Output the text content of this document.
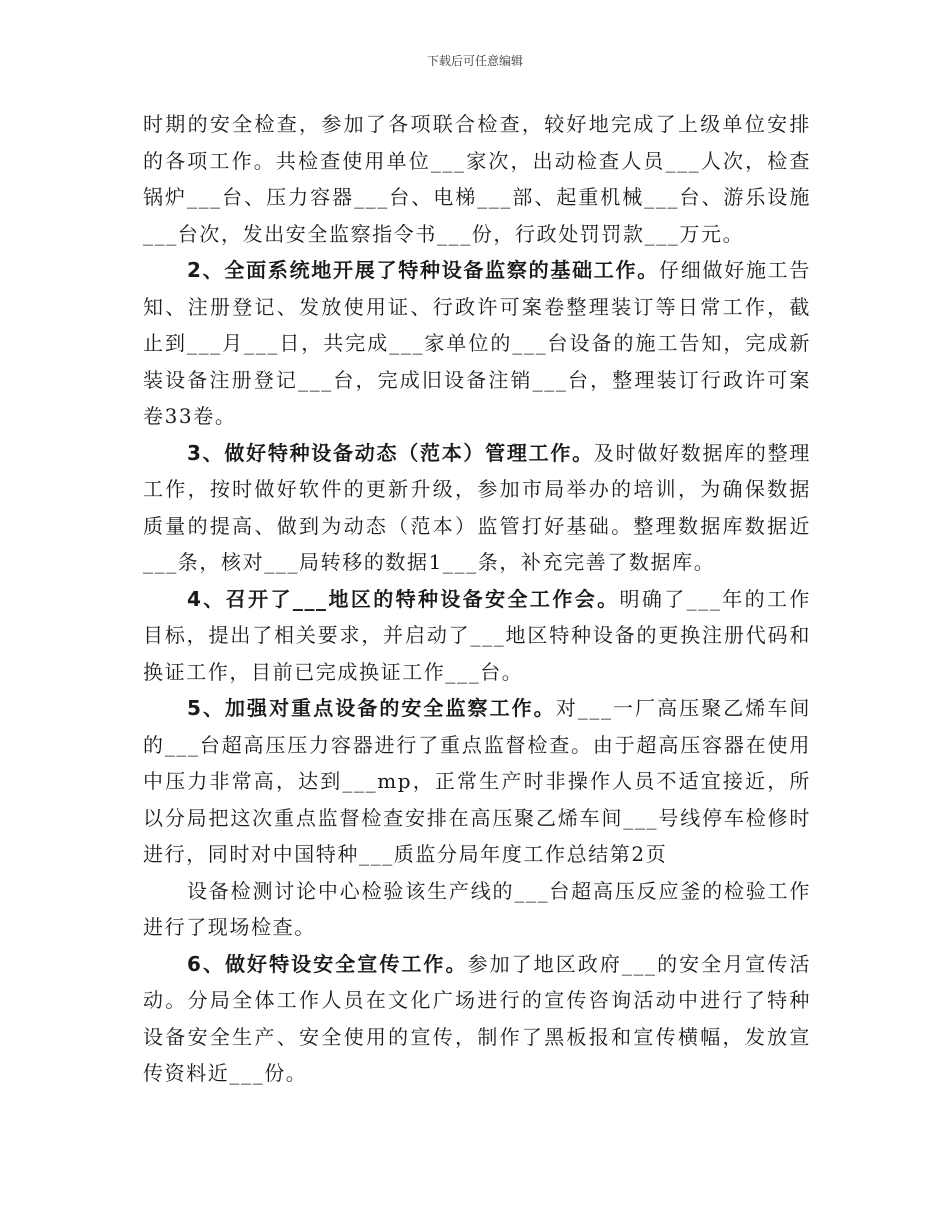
下载后可任意编辑

时期的安全检查，参加了各项联合检查，较好地完成了上级单位安排的各项工作。共检查使用单位___家次，出动检查人员___人次，检查锅炉___台、压力容器___台、电梯___部、起重机械___台、游乐设施___台次，发出安全监察指令书___份，行政处罚罚款___万元。

2、全面系统地开展了特种设备监察的基础工作。仔细做好施工告知、注册登记、发放使用证、行政许可案卷整理装订等日常工作，截止到___月___日，共完成___家单位的___台设备的施工告知，完成新装设备注册登记___台，完成旧设备注销___台，整理装订行政许可案卷33卷。

3、做好特种设备动态（范本）管理工作。及时做好数据库的整理工作，按时做好软件的更新升级，参加市局举办的培训，为确保数据质量的提高、做到为动态（范本）监管打好基础。整理数据库数据近___条，核对___局转移的数据1___条，补充完善了数据库。

4、召开了___地区的特种设备安全工作会。明确了___年的工作目标，提出了相关要求，并启动了___地区特种设备的更换注册代码和换证工作，目前已完成换证工作___台。

5、加强对重点设备的安全监察工作。对___一厂高压聚乙烯车间的___台超高压压力容器进行了重点监督检查。由于超高压容器在使用中压力非常高，达到___mp，正常生产时非操作人员不适宜接近，所以分局把这次重点监督检查安排在高压聚乙烯车间___号线停车检修时进行，同时对中国特种___质监分局年度工作总结第2页

设备检测讨论中心检验该生产线的___台超高压反应釜的检验工作进行了现场检查。

6、做好特设安全宣传工作。参加了地区政府___的安全月宣传活动。分局全体工作人员在文化广场进行的宣传咨询活动中进行了特种设备安全生产、安全使用的宣传，制作了黑板报和宣传横幅，发放宣传资料近___份。
